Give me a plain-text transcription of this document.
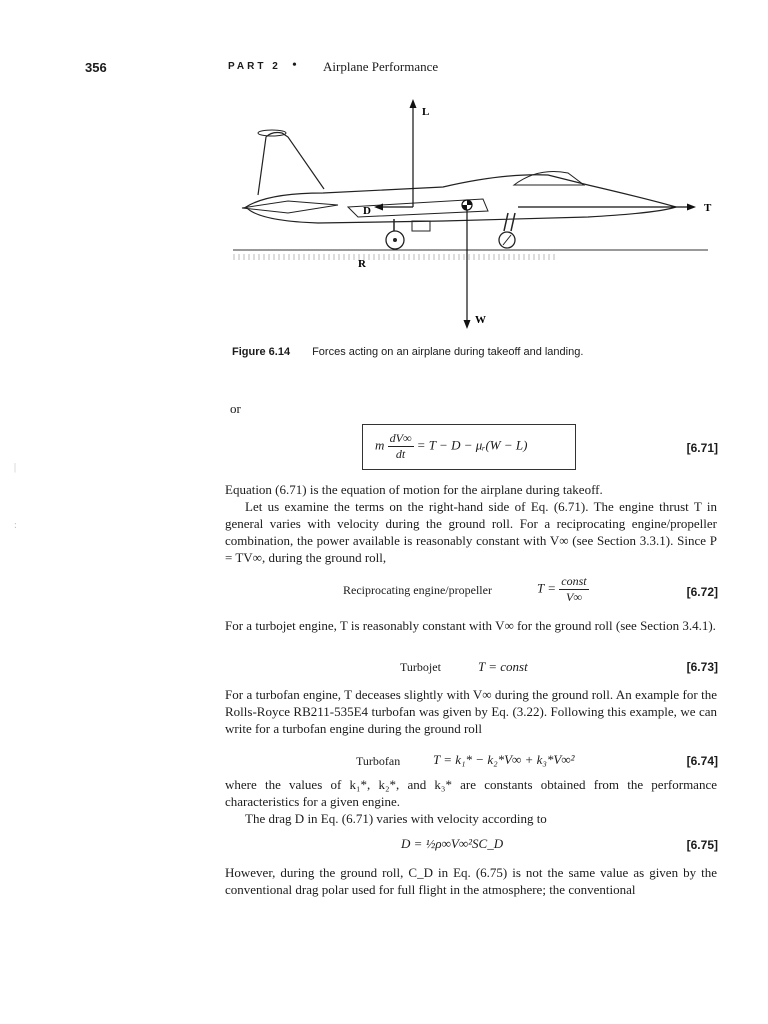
356	PART 2 • Airplane Performance
L
D	T
W
R
Figure 6.14 Forces acting on an airplane during takeoff and landing.
or
m $\frac{dV\infty}{dt} = T - D$ − μᵣ(W − L)	[6.71]
Equation (6.71) is the equation of motion for the airplane during takeoff.
Let us examine the terms on the right-hand side of Eq. (6.71). The engine thrust T in general varies with velocity during the ground roll. For a reciprocating engine/propeller combination, the power available is reasonably constant with V∞ (see Section 3.3.1). Since P = TV∞, during the ground roll,
Reciprocating engine/propeller	$T = \frac{\text{const}}{V\infty}$	[6.72]
For a turbojet engine, T is reasonably constant with V∞ for the ground roll (see Section 3.4.1).
Turbojet	T = const	[6.73]
For a turbofan engine, T deceases slightly with V∞ during the ground roll. An example for the Rolls-Royce RB211-535E4 turbofan was given by Eq. (3.22). Following this example, we can write for a turbofan engine during the ground roll
Turbofan	T = k₁* − k₂*V∞ + k₃*V∞²	[6.74]
where the values of k₁*, k₂*, and k₃* are constants obtained from the performance characteristics for a given engine.
The drag D in Eq. (6.71) varies with velocity according to
D = ½ρ∞V∞²SC_D	[6.75]
However, during the ground roll, C_D in Eq. (6.75) is not the same value as given by the conventional drag polar used for full flight in the atmosphere; the conventional
|
:
